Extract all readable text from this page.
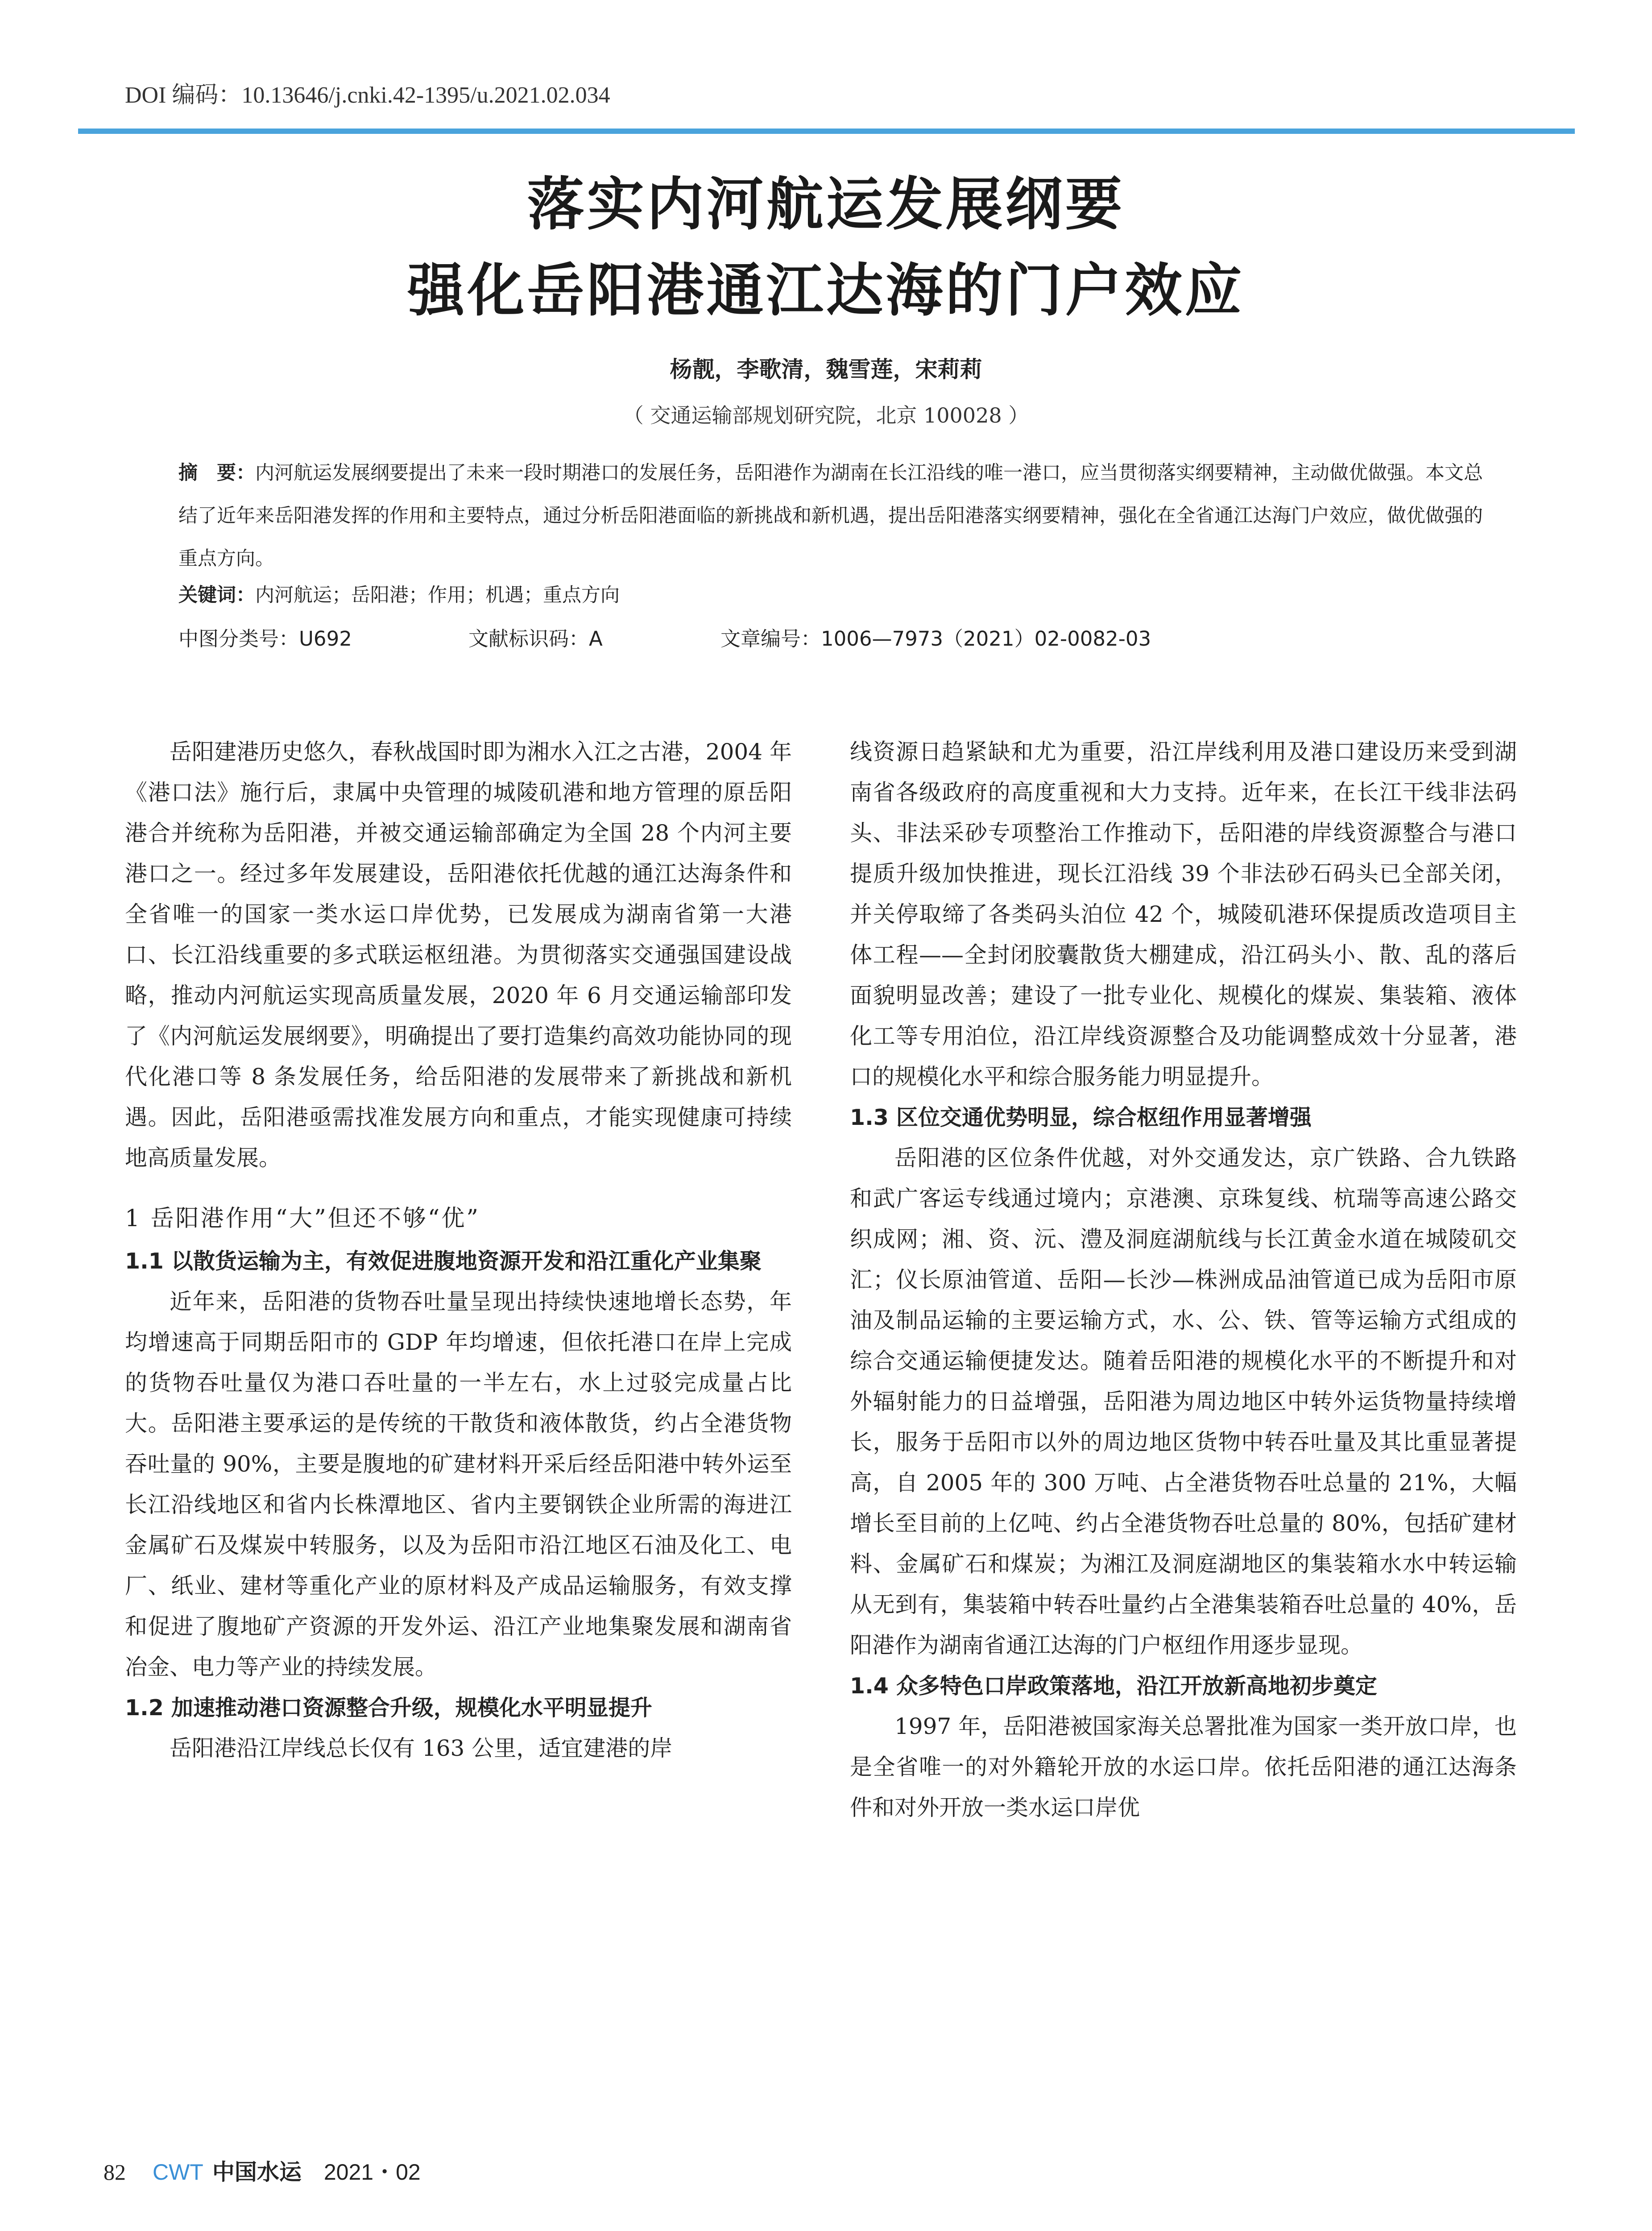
DOI 编码：10.13646/j.cnki.42-1395/u.2021.02.034
落实内河航运发展纲要
强化岳阳港通江达海的门户效应
杨靓，李歌清，魏雪莲，宋莉莉
（ 交通运输部规划研究院，北京 100028 ）
摘　要：内河航运发展纲要提出了未来一段时期港口的发展任务，岳阳港作为湖南在长江沿线的唯一港口，应当贯彻落实纲要精神，主动做优做强。本文总结了近年来岳阳港发挥的作用和主要特点，通过分析岳阳港面临的新挑战和新机遇，提出岳阳港落实纲要精神，强化在全省通江达海门户效应，做优做强的重点方向。
关键词：内河航运；岳阳港；作用；机遇；重点方向
中图分类号：U692	文献标识码：A	文章编号：1006—7973（2021）02-0082-03

岳阳建港历史悠久，春秋战国时即为湘水入江之古港，2004 年《港口法》施行后，隶属中央管理的城陵矶港和地方管理的原岳阳港合并统称为岳阳港，并被交通运输部确定为全国 28 个内河主要港口之一。经过多年发展建设，岳阳港依托优越的通江达海条件和全省唯一的国家一类水运口岸优势，已发展成为湖南省第一大港口、长江沿线重要的多式联运枢纽港。为贯彻落实交通强国建设战略，推动内河航运实现高质量发展，2020 年 6 月交通运输部印发了《内河航运发展纲要》，明确提出了要打造集约高效功能协同的现代化港口等 8 条发展任务，给岳阳港的发展带来了新挑战和新机遇。因此，岳阳港亟需找准发展方向和重点，才能实现健康可持续地高质量发展。

1 岳阳港作用“大”但还不够“优”
1.1 以散货运输为主，有效促进腹地资源开发和沿江重化产业集聚

近年来，岳阳港的货物吞吐量呈现出持续快速地增长态势，年均增速高于同期岳阳市的 GDP 年均增速，但依托港口在岸上完成的货物吞吐量仅为港口吞吐量的一半左右，水上过驳完成量占比大。岳阳港主要承运的是传统的干散货和液体散货，约占全港货物吞吐量的 90%，主要是腹地的矿建材料开采后经岳阳港中转外运至长江沿线地区和省内长株潭地区、省内主要钢铁企业所需的海进江金属矿石及煤炭中转服务，以及为岳阳市沿江地区石油及化工、电厂、纸业、建材等重化产业的原材料及产成品运输服务，有效支撑和促进了腹地矿产资源的开发外运、沿江产业地集聚发展和湖南省冶金、电力等产业的持续发展。

1.2 加速推动港口资源整合升级，规模化水平明显提升

岳阳港沿江岸线总长仅有 163 公里，适宜建港的岸

线资源日趋紧缺和尤为重要，沿江岸线利用及港口建设历来受到湖南省各级政府的高度重视和大力支持。近年来，在长江干线非法码头、非法采砂专项整治工作推动下，岳阳港的岸线资源整合与港口提质升级加快推进，现长江沿线 39 个非法砂石码头已全部关闭，并关停取缔了各类码头泊位 42 个，城陵矶港环保提质改造项目主体工程——全封闭胶囊散货大棚建成，沿江码头小、散、乱的落后面貌明显改善；建设了一批专业化、规模化的煤炭、集装箱、液体化工等专用泊位，沿江岸线资源整合及功能调整成效十分显著，港口的规模化水平和综合服务能力明显提升。

1.3 区位交通优势明显，综合枢纽作用显著增强

岳阳港的区位条件优越，对外交通发达，京广铁路、合九铁路和武广客运专线通过境内；京港澳、京珠复线、杭瑞等高速公路交织成网；湘、资、沅、澧及洞庭湖航线与长江黄金水道在城陵矶交汇；仪长原油管道、岳阳—长沙—株洲成品油管道已成为岳阳市原油及制品运输的主要运输方式，水、公、铁、管等运输方式组成的综合交通运输便捷发达。随着岳阳港的规模化水平的不断提升和对外辐射能力的日益增强，岳阳港为周边地区中转外运货物量持续增长，服务于岳阳市以外的周边地区货物中转吞吐量及其比重显著提高，自 2005 年的 300 万吨、占全港货物吞吐总量的 21%，大幅增长至目前的上亿吨、约占全港货物吞吐总量的 80%，包括矿建材料、金属矿石和煤炭；为湘江及洞庭湖地区的集装箱水水中转运输从无到有，集装箱中转吞吐量约占全港集装箱吞吐总量的 40%，岳阳港作为湖南省通江达海的门户枢纽作用逐步显现。

1.4 众多特色口岸政策落地，沿江开放新高地初步奠定

1997 年，岳阳港被国家海关总署批准为国家一类开放口岸，也是全省唯一的对外籍轮开放的水运口岸。依托岳阳港的通江达海条件和对外开放一类水运口岸优

82 CWT 中国水运 2021・02
